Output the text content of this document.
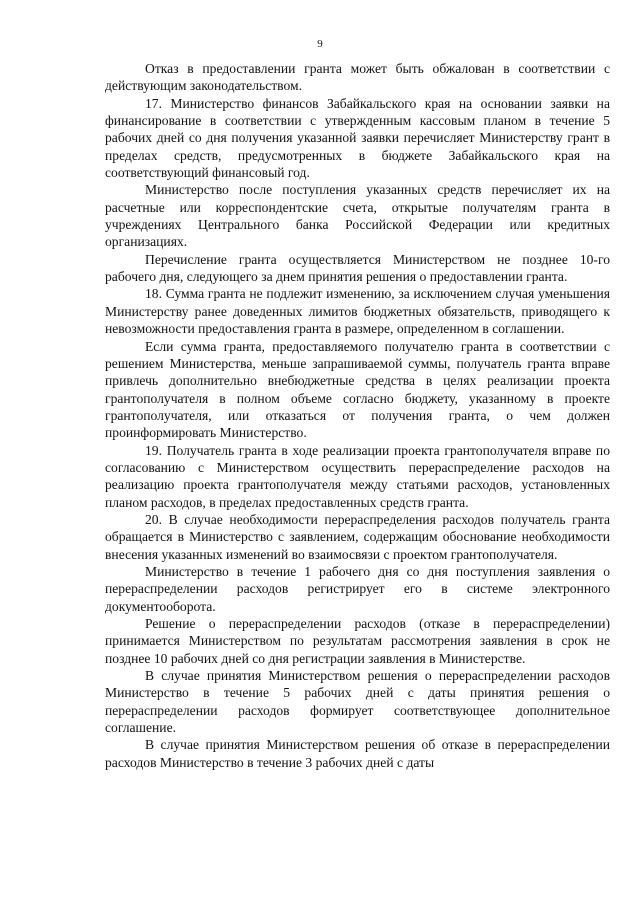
9

Отказ в предоставлении гранта может быть обжалован в соответствии с действующим законодательством.

17. Министерство финансов Забайкальского края на основании заявки на финансирование в соответствии с утвержденным кассовым планом в течение 5 рабочих дней со дня получения указанной заявки перечисляет Министерству грант в пределах средств, предусмотренных в бюджете Забайкальского края на соответствующий финансовый год.

Министерство после поступления указанных средств перечисляет их на расчетные или корреспондентские счета, открытые получателям гранта в учреждениях Центрального банка Российской Федерации или кредитных организациях.

Перечисление гранта осуществляется Министерством не позднее 10-го рабочего дня, следующего за днем принятия решения о предоставлении гранта.

18. Сумма гранта не подлежит изменению, за исключением случая уменьшения Министерству ранее доведенных лимитов бюджетных обязательств, приводящего к невозможности предоставления гранта в размере, определенном в соглашении.

Если сумма гранта, предоставляемого получателю гранта в соответствии с решением Министерства, меньше запрашиваемой суммы, получатель гранта вправе привлечь дополнительно внебюджетные средства в целях реализации проекта грантополучателя в полном объеме согласно бюджету, указанному в проекте грантополучателя, или отказаться от получения гранта, о чем должен проинформировать Министерство.

19. Получатель гранта в ходе реализации проекта грантополучателя вправе по согласованию с Министерством осуществить перераспределение расходов на реализацию проекта грантополучателя между статьями расходов, установленных планом расходов, в пределах предоставленных средств гранта.

20. В случае необходимости перераспределения расходов получатель гранта обращается в Министерство с заявлением, содержащим обоснование необходимости внесения указанных изменений во взаимосвязи с проектом грантополучателя.

Министерство в течение 1 рабочего дня со дня поступления заявления о перераспределении расходов регистрирует его в системе электронного документооборота.

Решение о перераспределении расходов (отказе в перераспределении) принимается Министерством по результатам рассмотрения заявления в срок не позднее 10 рабочих дней со дня регистрации заявления в Министерстве.

В случае принятия Министерством решения о перераспределении расходов Министерство в течение 5 рабочих дней с даты принятия решения о перераспределении расходов формирует соответствующее дополнительное соглашение.

В случае принятия Министерством решения об отказе в перераспределении расходов Министерство в течение 3 рабочих дней с даты
